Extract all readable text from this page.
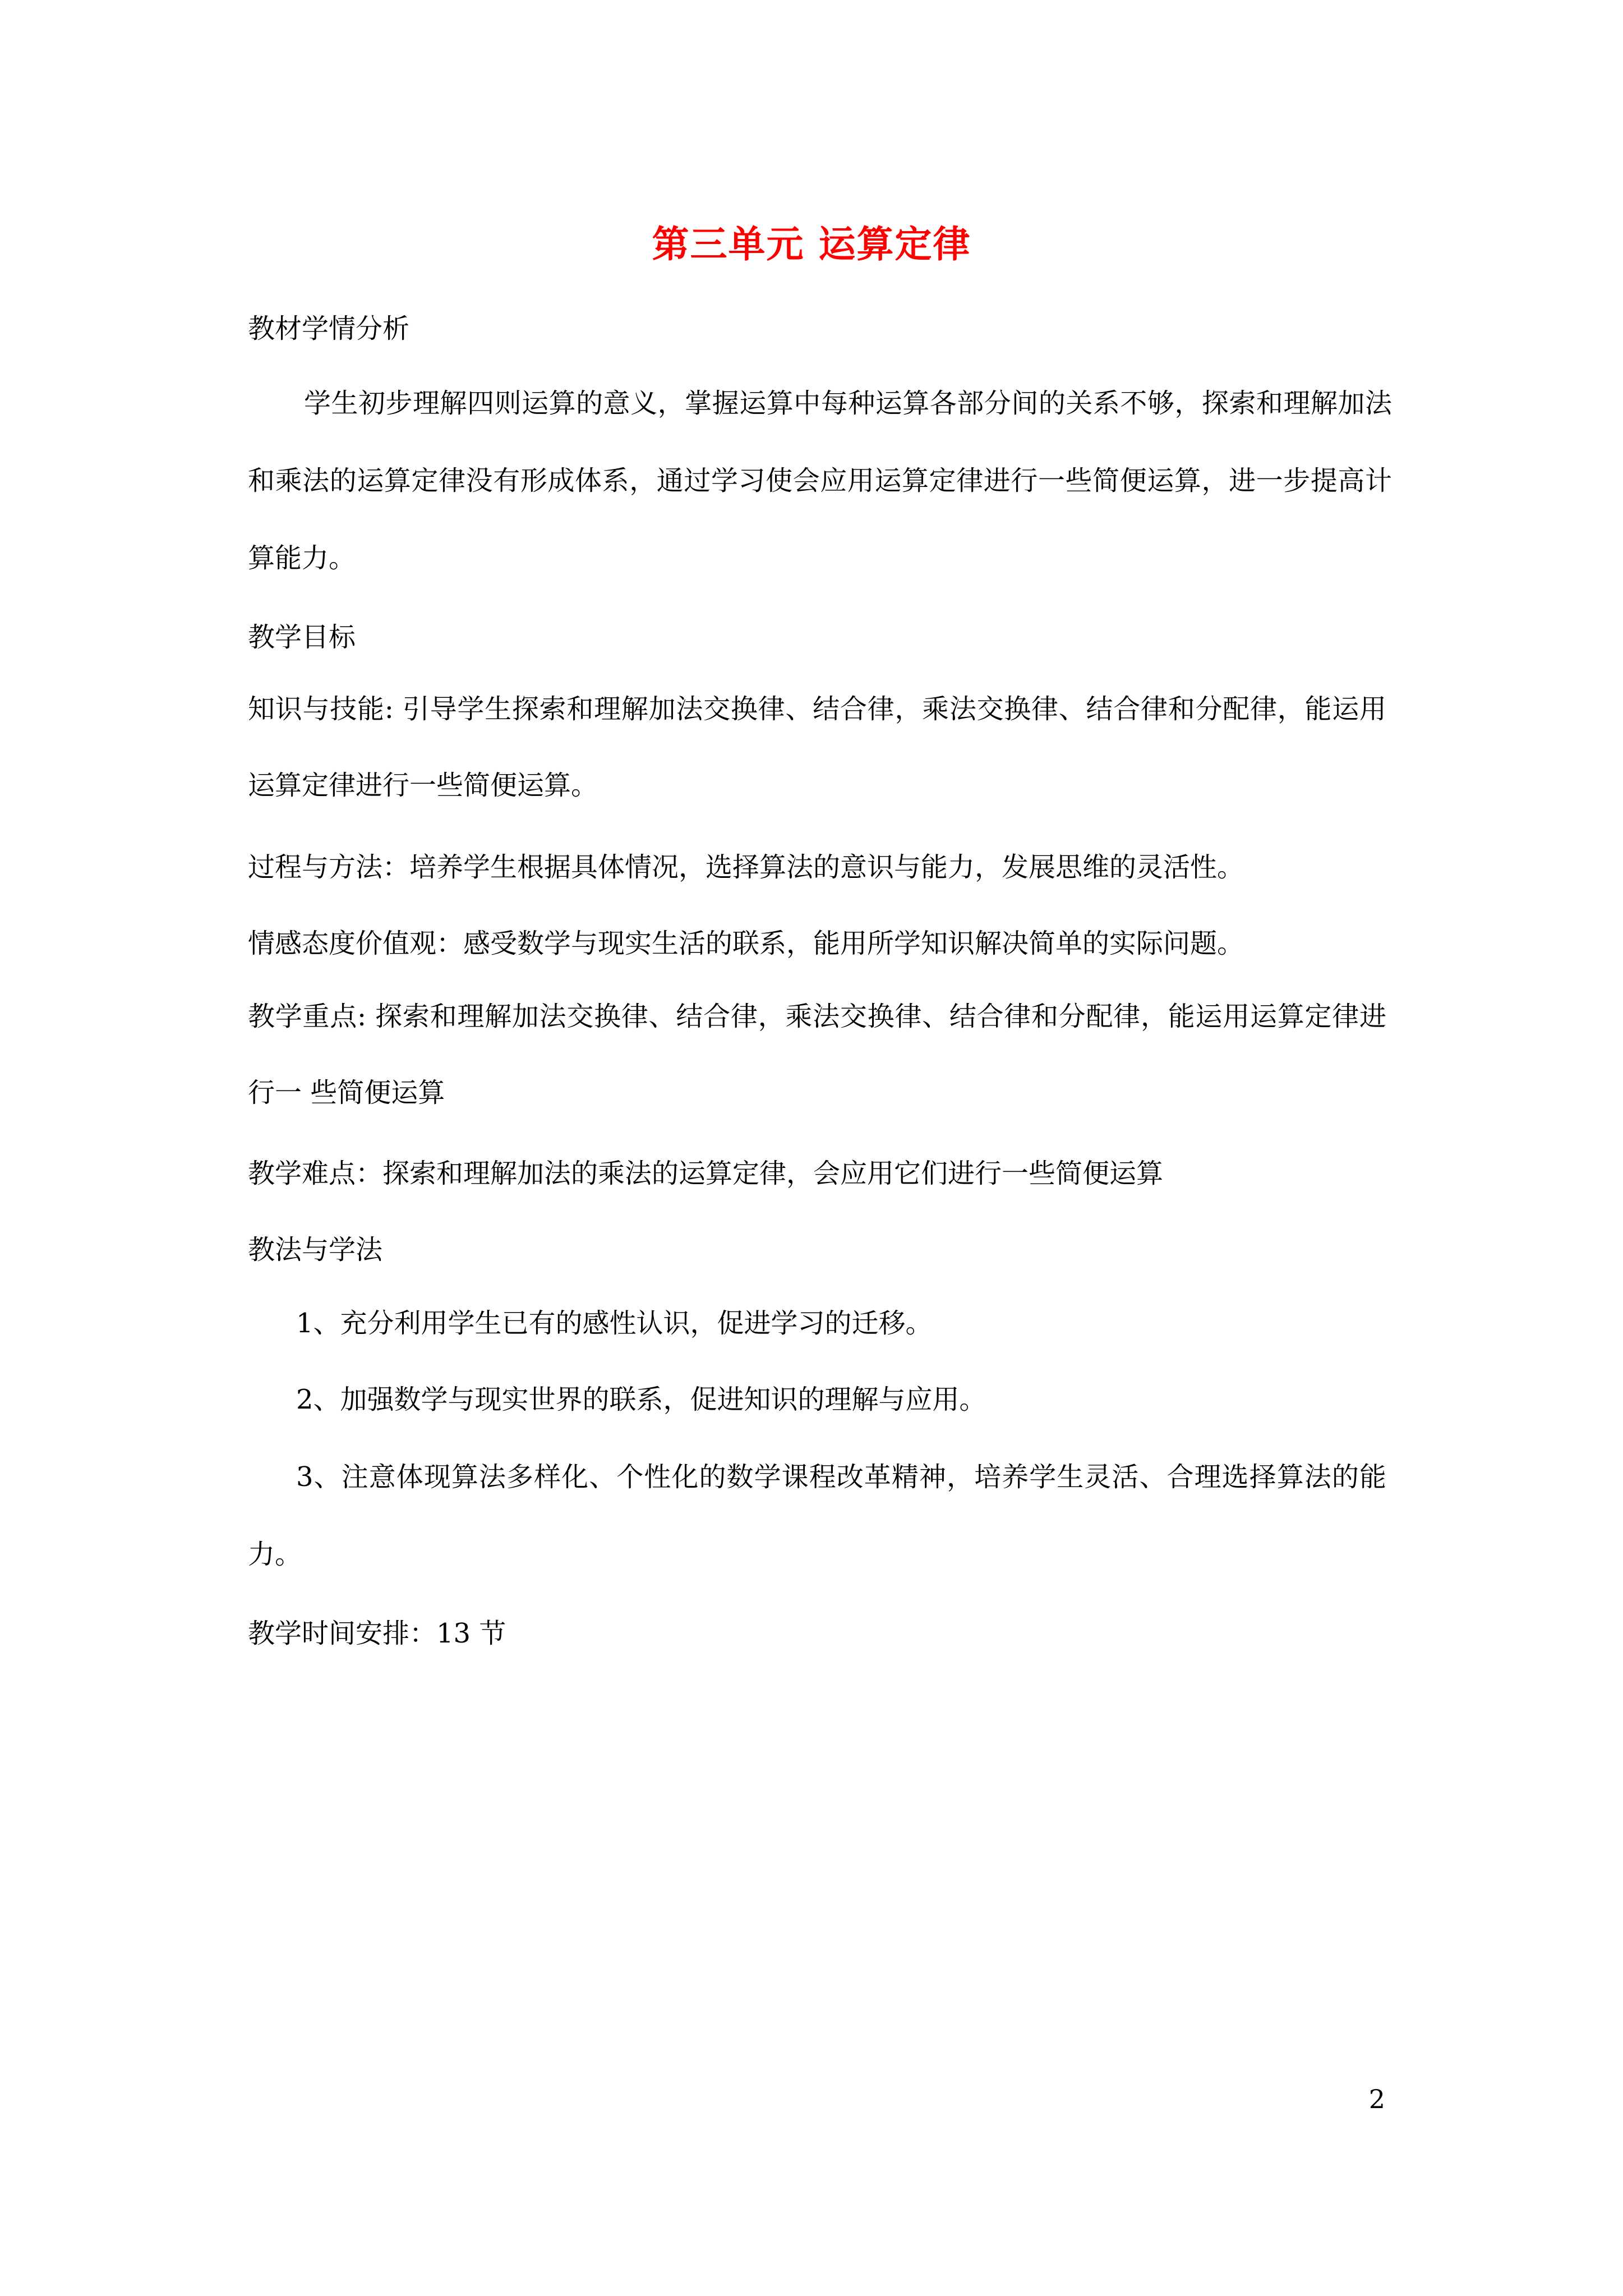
第三单元 运算定律
教材学情分析
学生初步理解四则运算的意义，掌握运算中每种运算各部分间的关系不够，探索和理解加法和乘法的运算定律没有形成体系，通过学习使会应用运算定律进行一些简便运算，进一步提高计算能力。
教学目标
知识与技能: 引导学生探索和理解加法交换律、结合律，乘法交换律、结合律和分配律，能运用运算定律进行一些简便运算。
过程与方法：培养学生根据具体情况，选择算法的意识与能力，发展思维的灵活性。
情感态度价值观：感受数学与现实生活的联系，能用所学知识解决简单的实际问题。
教学重点: 探索和理解加法交换律、结合律，乘法交换律、结合律和分配律，能运用运算定律进行一 些简便运算
教学难点：探索和理解加法的乘法的运算定律，会应用它们进行一些简便运算
教法与学法
1、充分利用学生已有的感性认识，促进学习的迁移。
2、加强数学与现实世界的联系，促进知识的理解与应用。
3、注意体现算法多样化、个性化的数学课程改革精神，培养学生灵活、合理选择算法的能力。
教学时间安排：13 节
2
